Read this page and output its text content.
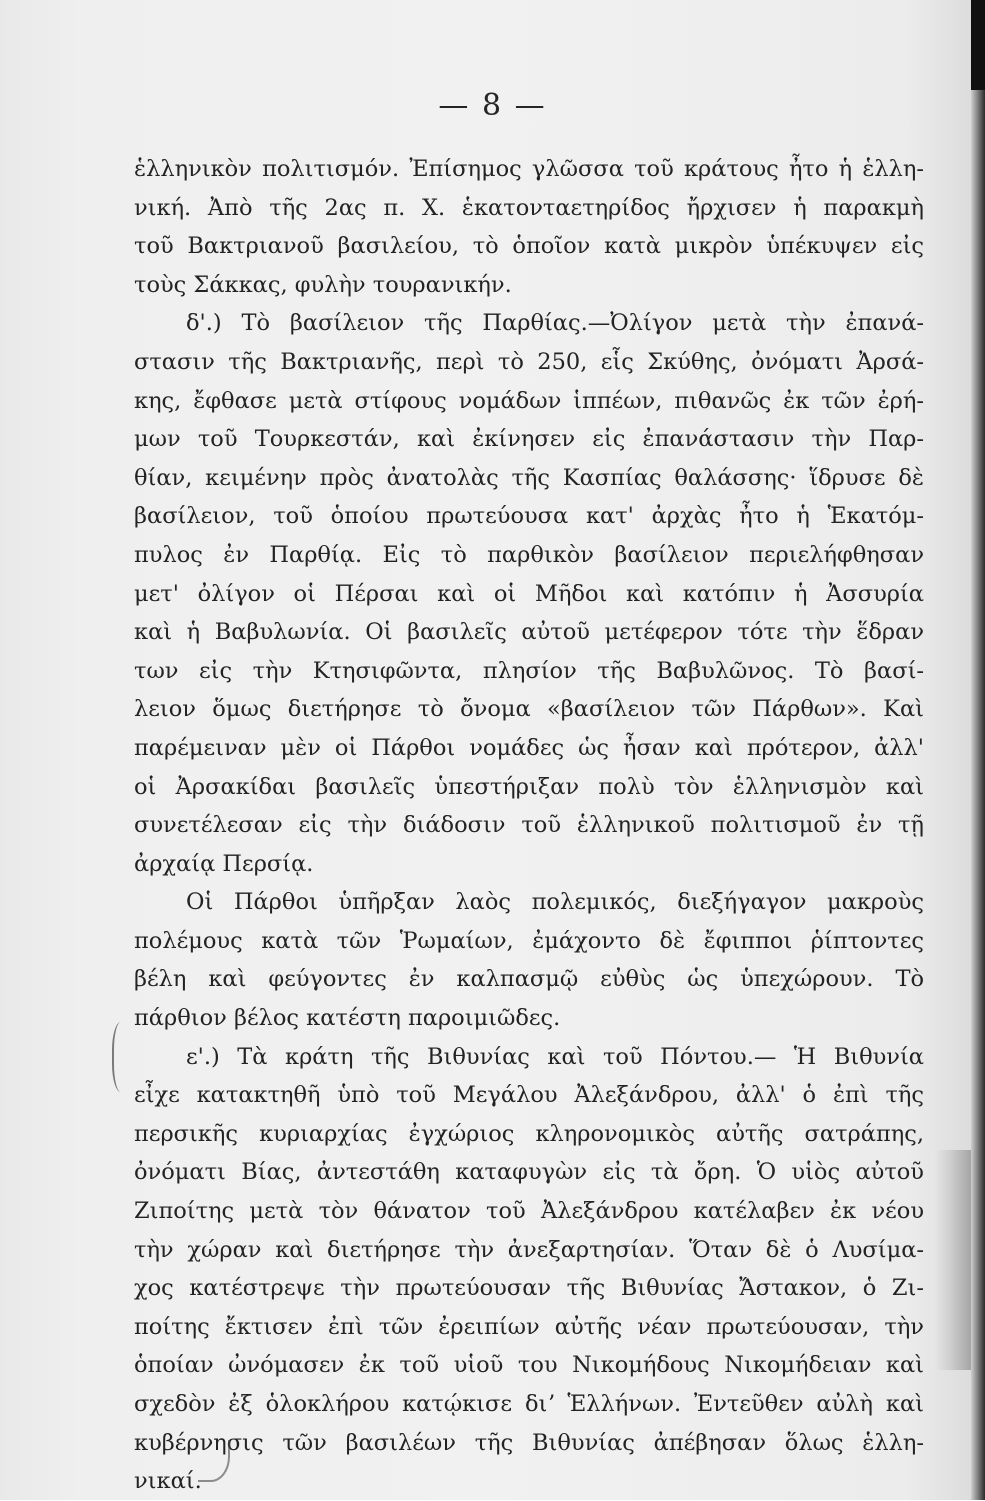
— 8 —
ἑλληνικὸν πολιτισμόν. Ἐπίσημος γλῶσσα τοῦ κράτους ἦτο ἡ ἑλλη-
νική. Ἀπὸ τῆς 2ας π. Χ. ἑκατονταετηρίδος ἤρχισεν ἡ παρακμὴ
τοῦ Βακτριανοῦ βασιλείου, τὸ ὁποῖον κατὰ μικρὸν ὑπέκυψεν εἰς
τοὺς Σάκκας, φυλὴν τουρανικήν.
δ'.) Τὸ βασίλειον τῆς Παρθίας.—Ὀλίγον μετὰ τὴν ἐπανά-
στασιν τῆς Βακτριανῆς, περὶ τὸ 250, εἷς Σκύθης, ὀνόματι Ἀρσά-
κης, ἔφθασε μετὰ στίφους νομάδων ἱππέων, πιθανῶς ἐκ τῶν ἐρή-
μων τοῦ Τουρκεστάν, καὶ ἐκίνησεν εἰς ἐπανάστασιν τὴν Παρ-
θίαν, κειμένην πρὸς ἀνατολὰς τῆς Κασπίας θαλάσσης· ἵδρυσε δὲ
βασίλειον, τοῦ ὁποίου πρωτεύουσα κατ' ἀρχὰς ἦτο ἡ Ἑκατόμ-
πυλος ἐν Παρθίᾳ. Εἰς τὸ παρθικὸν βασίλειον περιελήφθησαν
μετ' ὀλίγον οἱ Πέρσαι καὶ οἱ Μῆδοι καὶ κατόπιν ἡ Ἀσσυρία
καὶ ἡ Βαβυλωνία. Οἱ βασιλεῖς αὐτοῦ μετέφερον τότε τὴν ἕδραν
των εἰς τὴν Κτησιφῶντα, πλησίον τῆς Βαβυλῶνος. Τὸ βασί-
λειον ὅμως διετήρησε τὸ ὄνομα «βασίλειον τῶν Πάρθων». Καὶ
παρέμειναν μὲν οἱ Πάρθοι νομάδες ὡς ἦσαν καὶ πρότερον, ἀλλ'
οἱ Ἀρσακίδαι βασιλεῖς ὑπεστήριξαν πολὺ τὸν ἑλληνισμὸν καὶ
συνετέλεσαν εἰς τὴν διάδοσιν τοῦ ἑλληνικοῦ πολιτισμοῦ ἐν τῇ
ἀρχαίᾳ Περσίᾳ.
Οἱ Πάρθοι ὑπῆρξαν λαὸς πολεμικός, διεξήγαγον μακροὺς
πολέμους κατὰ τῶν Ῥωμαίων, ἐμάχοντο δὲ ἔφιπποι ῥίπτοντες
βέλη καὶ φεύγοντες ἐν καλπασμῷ εὐθὺς ὡς ὑπεχώρουν. Τὸ
πάρθιον βέλος κατέστη παροιμιῶδες.
ε'.) Τὰ κράτη τῆς Βιθυνίας καὶ τοῦ Πόντου.— Ἡ Βιθυνία
εἶχε κατακτηθῆ ὑπὸ τοῦ Μεγάλου Ἀλεξάνδρου, ἀλλ' ὁ ἐπὶ τῆς
περσικῆς κυριαρχίας ἐγχώριος κληρονομικὸς αὐτῆς σατράπης,
ὀνόματι Βίας, ἀντεστάθη καταφυγὼν εἰς τὰ ὄρη. Ὁ υἱὸς αὐτοῦ
Ζιποίτης μετὰ τὸν θάνατον τοῦ Ἀλεξάνδρου κατέλαβεν ἐκ νέου
τὴν χώραν καὶ διετήρησε τὴν ἀνεξαρτησίαν. Ὅταν δὲ ὁ Λυσίμα-
χος κατέστρεψε τὴν πρωτεύουσαν τῆς Βιθυνίας Ἄστακον, ὁ Ζι-
ποίτης ἔκτισεν ἐπὶ τῶν ἐρειπίων αὐτῆς νέαν πρωτεύουσαν, τὴν
ὁποίαν ὠνόμασεν ἐκ τοῦ υἱοῦ του Νικομήδους Νικομήδειαν καὶ
σχεδὸν ἐξ ὁλοκλήρου κατῴκισε διʼ Ἑλλήνων. Ἐντεῦθεν αὐλὴ καὶ
κυβέρνησις τῶν βασιλέων τῆς Βιθυνίας ἀπέβησαν ὅλως ἑλλη-
νικαί.
